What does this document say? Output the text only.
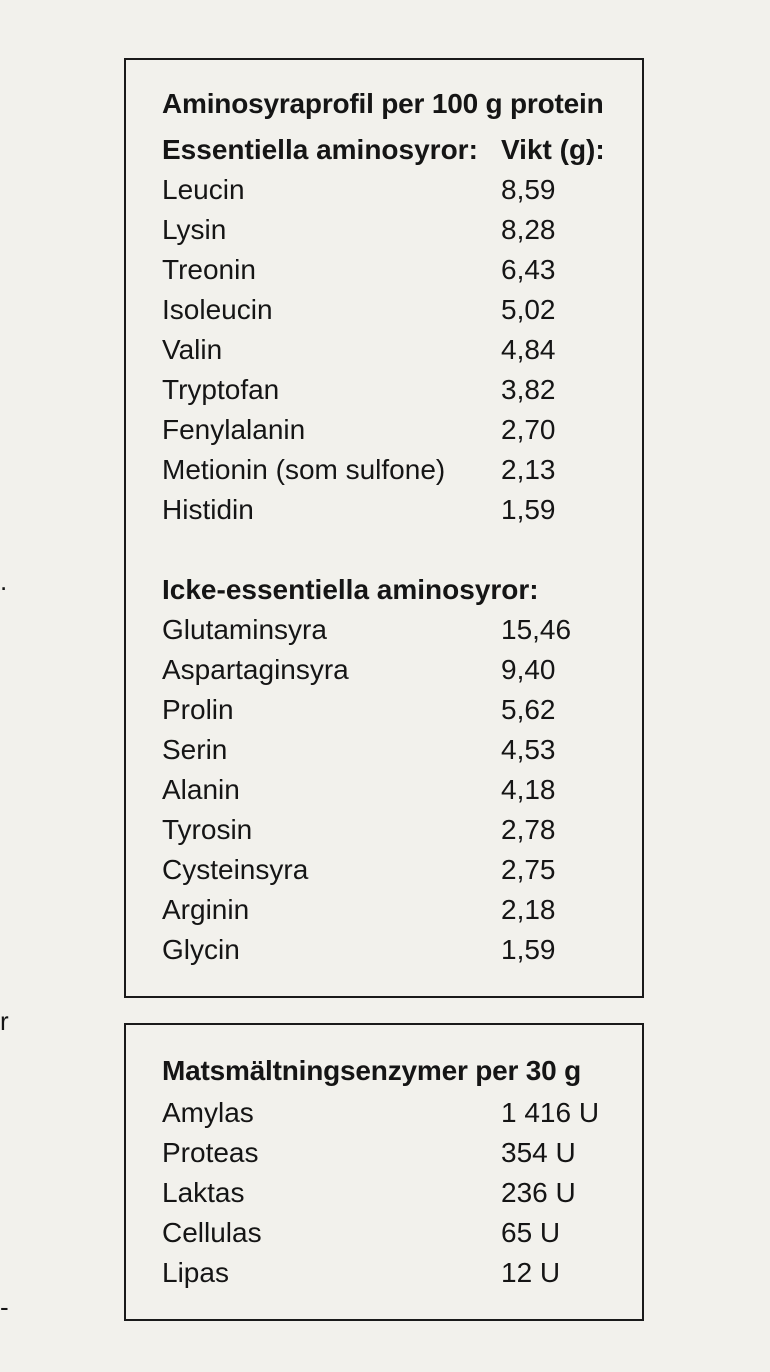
.
r
-
Aminosyraprofil per 100 g protein
Essentiella aminosyror: Vikt (g):
Leucin	8,59
Lysin	8,28
Treonin	6,43
Isoleucin	5,02
Valin	4,84
Tryptofan	3,82
Fenylalanin	2,70
Metionin (som sulfone) 2,13
Histidin	1,59
Icke-essentiella aminosyror:
Glutaminsyra	15,46
Aspartaginsyra	9,40
Prolin	5,62
Serin	4,53
Alanin	4,18
Tyrosin	2,78
Cysteinsyra	2,75
Arginin	2,18
Glycin	1,59
Matsmältningsenzymer per 30 g
Amylas	1 416 U
Proteas	354 U
Laktas	236 U
Cellulas	65 U
Lipas	12 U
